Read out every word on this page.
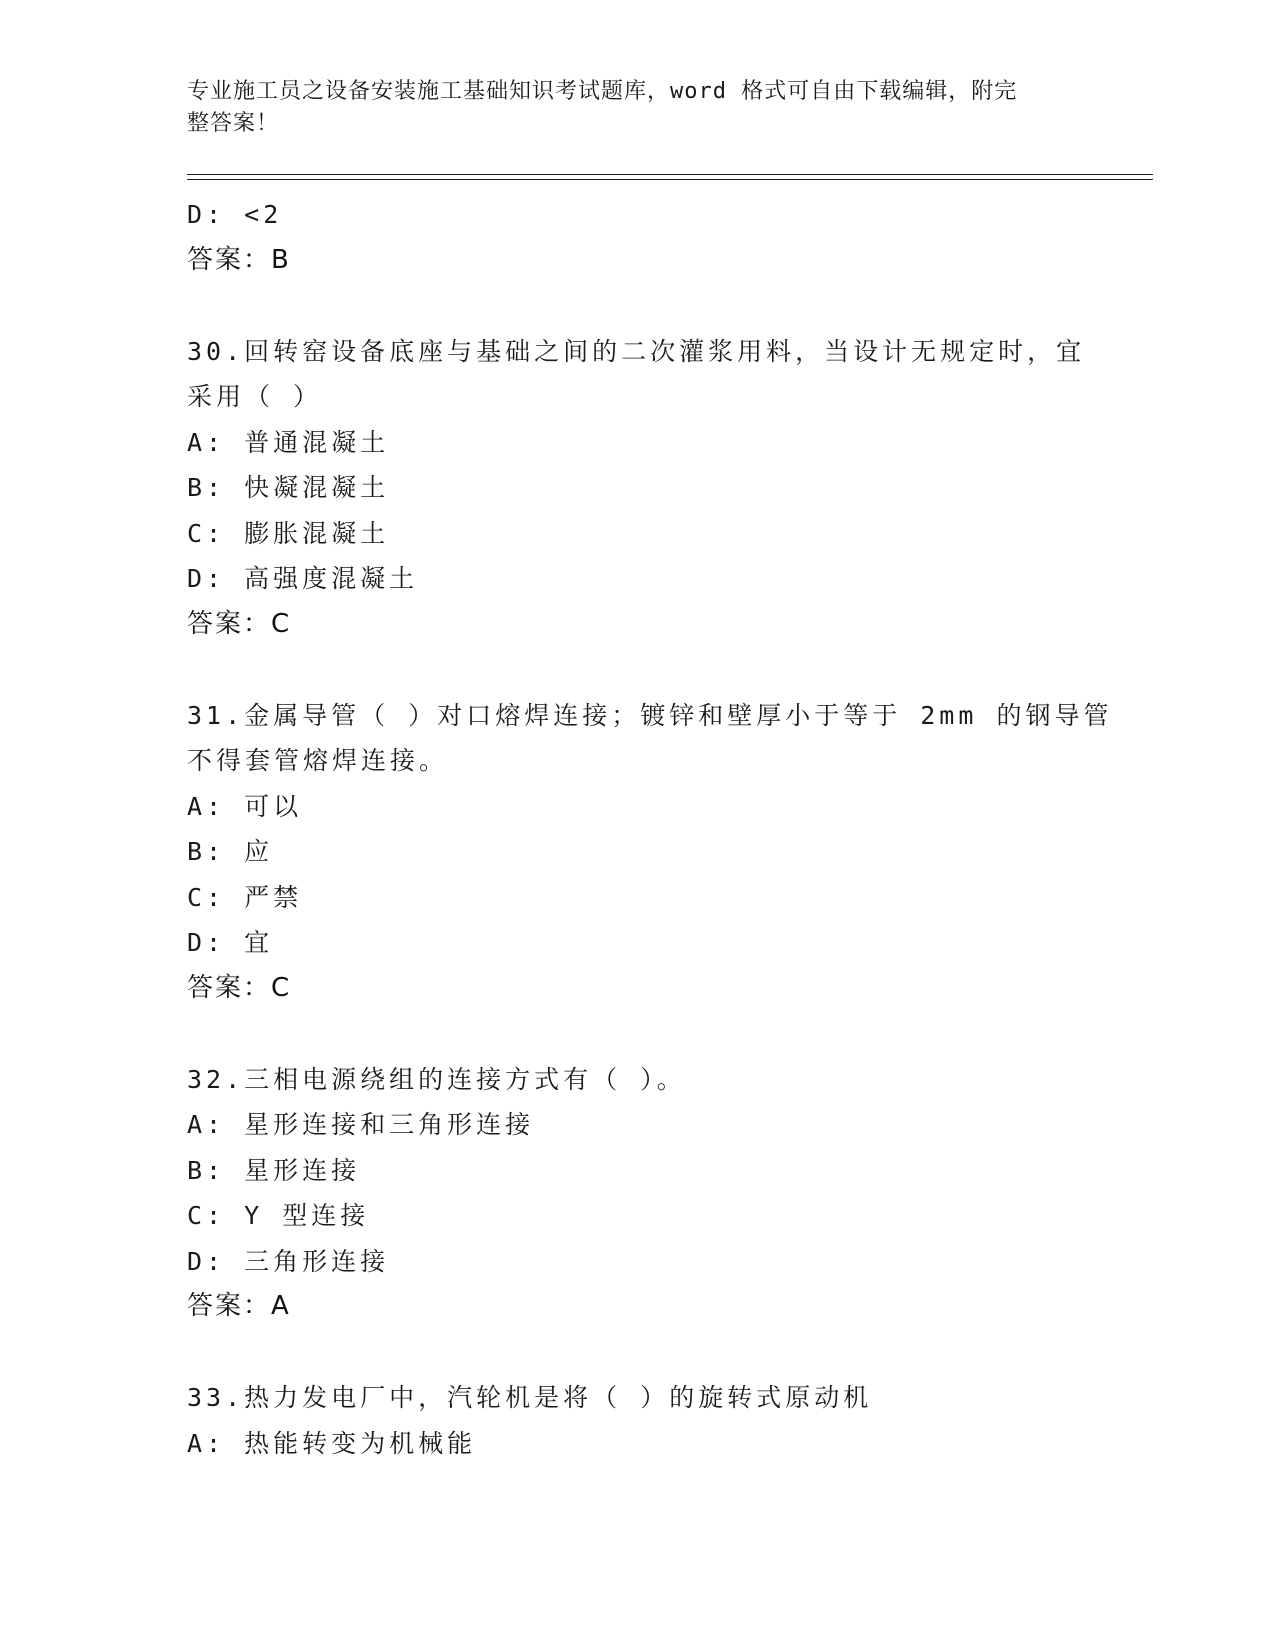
专业施工员之设备安装施工基础知识考试题库，word 格式可自由下载编辑，附完
整答案！
D: <2
答案：B
30.回转窑设备底座与基础之间的二次灌浆用料，当设计无规定时，宜
采用（ ）
A: 普通混凝土
B: 快凝混凝土
C: 膨胀混凝土
D: 高强度混凝土
答案：C
31.金属导管（ ）对口熔焊连接；镀锌和壁厚小于等于 2mm 的钢导管
不得套管熔焊连接。
A: 可以
B: 应
C: 严禁
D: 宜
答案：C
32.三相电源绕组的连接方式有（ ）。
A: 星形连接和三角形连接
B: 星形连接
C: Y 型连接
D: 三角形连接
答案：A
33.热力发电厂中，汽轮机是将（ ）的旋转式原动机
A: 热能转变为机械能
